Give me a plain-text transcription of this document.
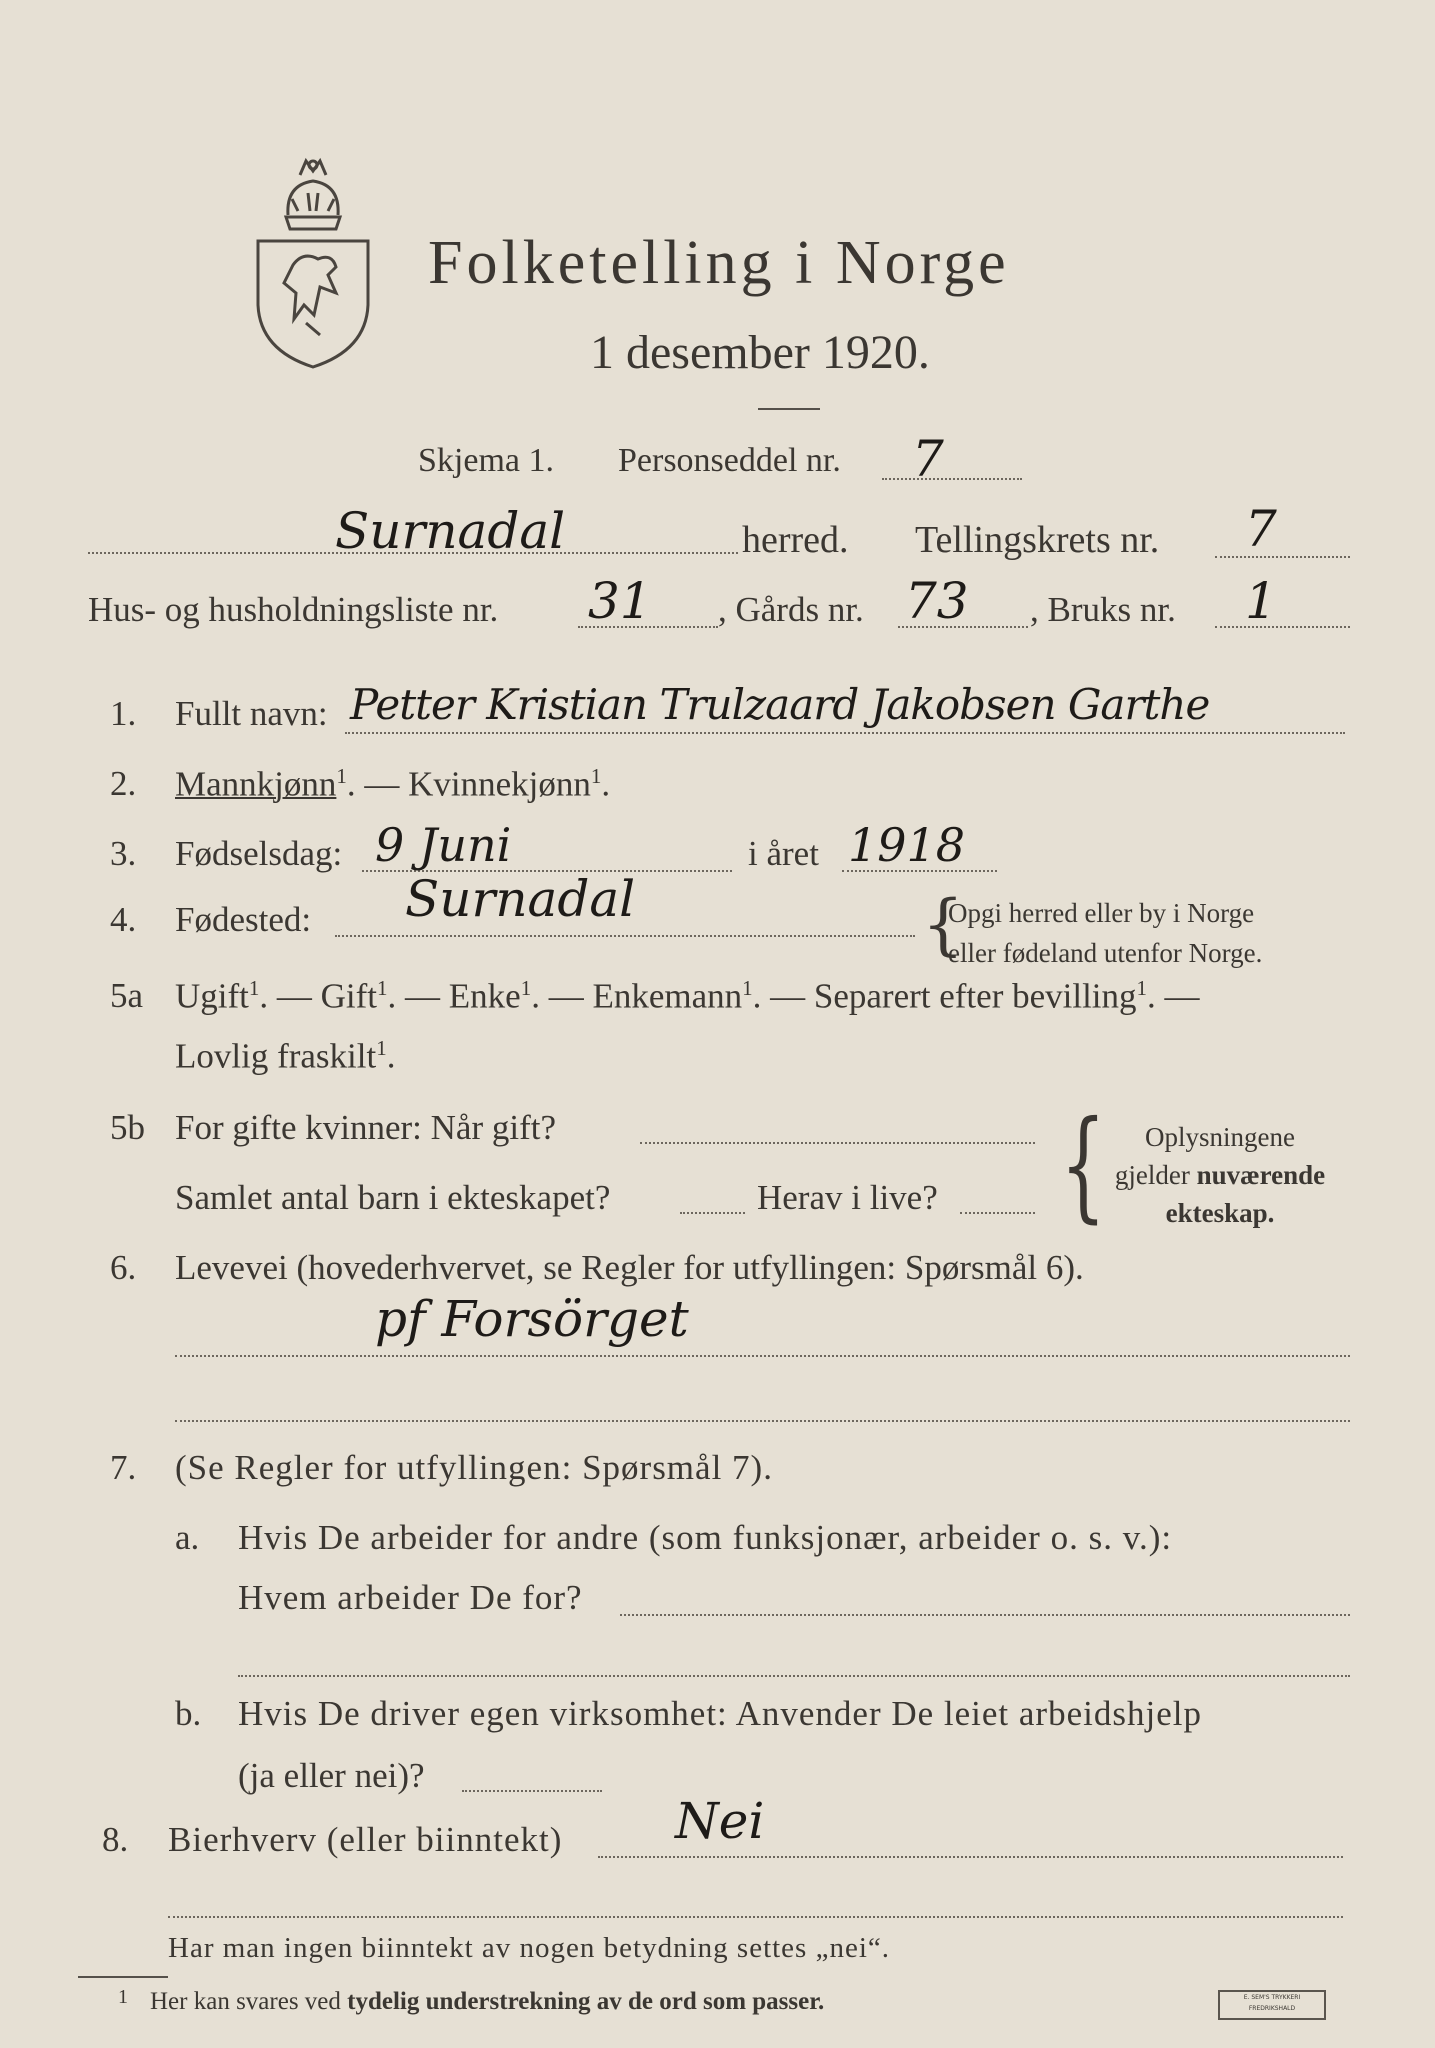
Folketelling i Norge
1 desember 1920.
Skjema 1. Personseddel nr. 7
Surnadal	herred. Tellingskrets nr. 7
Hus- og husholdningsliste nr. 31 , Gårds nr. 73 , Bruks nr. 1
1. Fullt navn: Petter Kristian Trulzaard Jakobsen Garthe
2. Mannkjønn$^1$. — Kvinnekjønn$^1$.
3. Fødselsdag: 9 Juni	i året 1918
4. Fødested: Surnadal	{
Opgi herred eller by i Norge
eller fødeland utenfor Norge.
5a Ugift$^1$. — Gift$^1$. — Enke$^1$. — Enkemann$^1$. — Separert efter bevilling$^1$. —
Lovlig fraskilt$^1$.
5b For gifte kvinner: Når gift?
Samlet antal barn i ekteskapet?	Herav i live? {	Oplysningene
gjelder nuværende
ekteskap.
6. Levevei (hovederhvervet, se Regler for utfyllingen: Spørsmål 6).
pf Forsörget
7. (Se Regler for utfyllingen: Spørsmål 7).
a. Hvis De arbeider for andre (som funksjonær, arbeider o. s. v.):
Hvem arbeider De for?
b. Hvis De driver egen virksomhet: Anvender De leiet arbeidshjelp
(ja eller nei)?
8. Bierhverv (eller biinntekt) Nei
Har man ingen biinntekt av nogen betydning settes „nei“.
1 Her kan svares ved tydelig understrekning av de ord som passer.	E. SEM'S TRYKKERI FREDRIKSHALD
